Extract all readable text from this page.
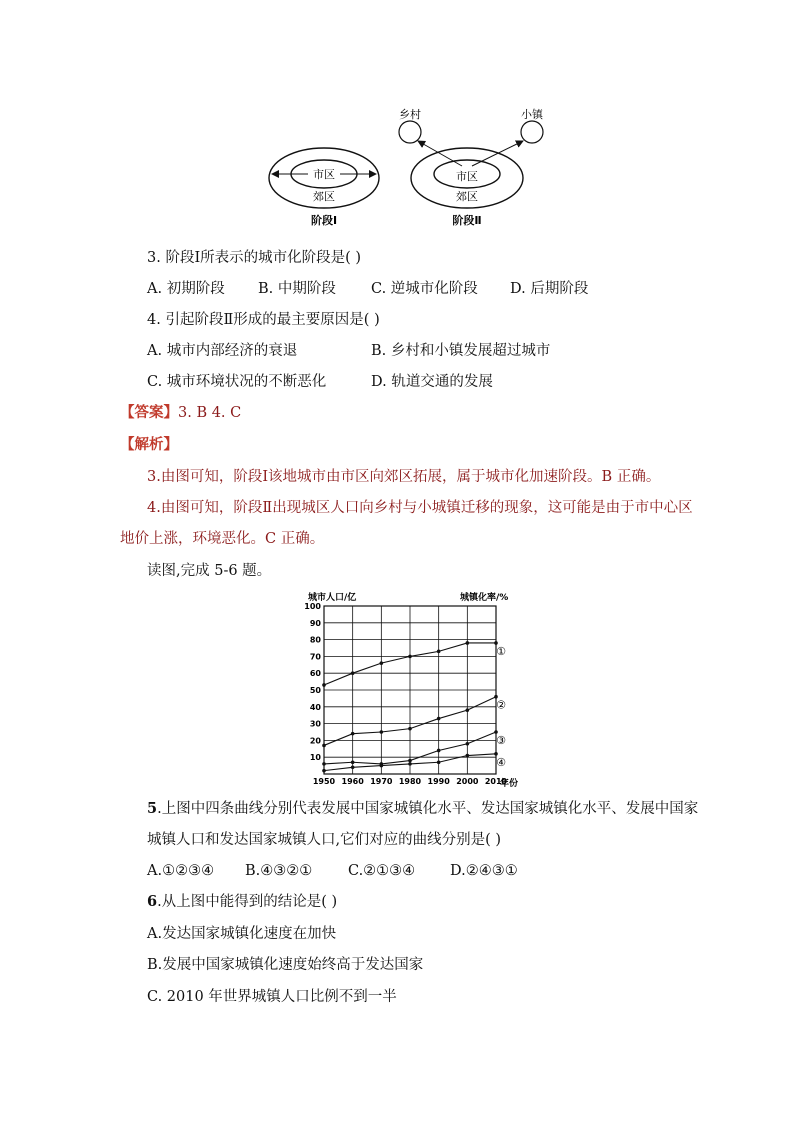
市区
郊区
阶段Ⅰ
乡村	小镇
市区
郊区
阶段Ⅱ
3. 阶段Ⅰ所表示的城市化阶段是( )
A. 初期阶段 B. 中期阶段 C. 逆城市化阶段 D. 后期阶段
4. 引起阶段Ⅱ形成的最主要原因是( )
A. 城市内部经济的衰退	B. 乡村和小镇发展超过城市
C. 城市环境状况的不断恶化	D. 轨道交通的发展
【答案】3. B 4. C
【解析】
3.由图可知，阶段Ⅰ该地城市由市区向郊区拓展，属于城市化加速阶段。B 正确。
4.由图可知，阶段Ⅱ出现城区人口向乡村与小城镇迁移的现象，这可能是由于市中心区
地价上涨，环境恶化。C 正确。
读图,完成 5-6 题。
城市人口/亿	城镇化率/%
年份
10
20
30
40
50
60
70
80
90
100
1950 1960 1970 1980 1990 2000 2010
①
②
③
④
5.上图中四条曲线分别代表发展中国家城镇化水平、发达国家城镇化水平、发展中国家
城镇人口和发达国家城镇人口,它们对应的曲线分别是( )
A.①②③④ B.④③②① C.②①③④ D.②④③①
6.从上图中能得到的结论是( )
A.发达国家城镇化速度在加快
B.发展中国家城镇化速度始终高于发达国家
C. 2010 年世界城镇人口比例不到一半
